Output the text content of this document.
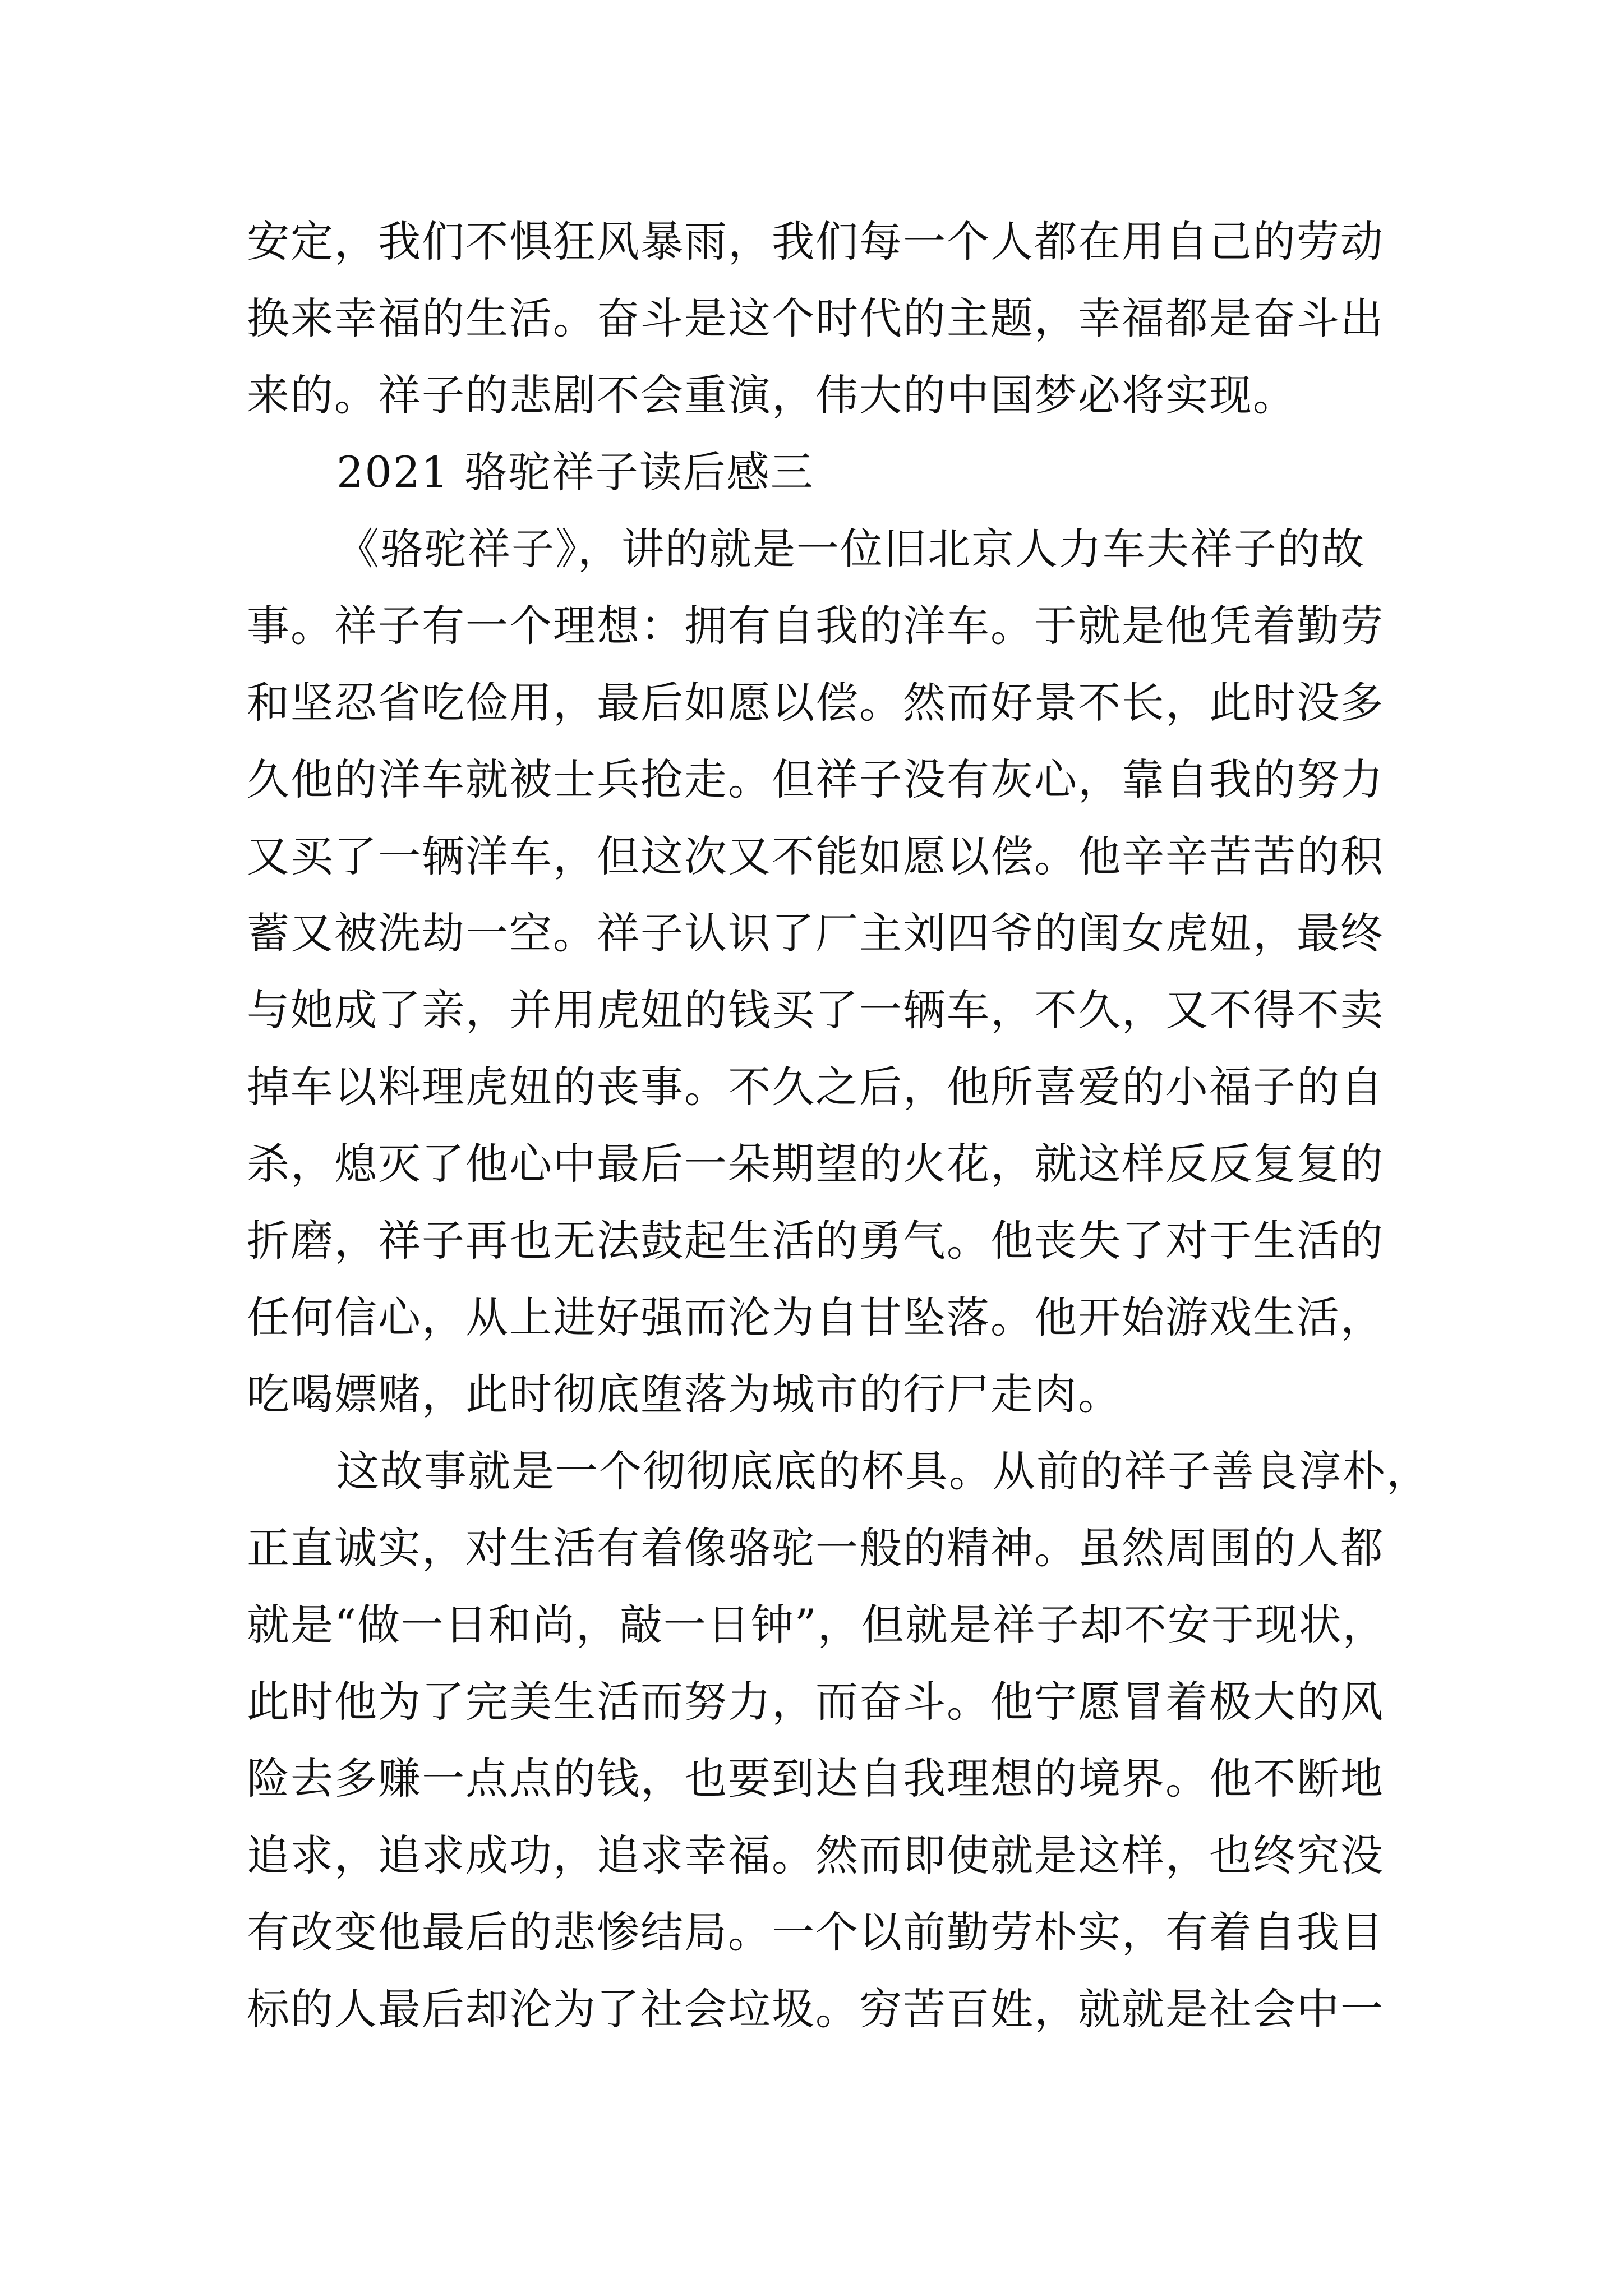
安定，我们不惧狂风暴雨，我们每一个人都在用自己的劳动
换来幸福的生活。奋斗是这个时代的主题，幸福都是奋斗出
来的。祥子的悲剧不会重演，伟大的中国梦必将实现。
2021 骆驼祥子读后感三
《骆驼祥子》，讲的就是一位旧北京人力车夫祥子的故
事。祥子有一个理想：拥有自我的洋车。于就是他凭着勤劳
和坚忍省吃俭用，最后如愿以偿。然而好景不长，此时没多
久他的洋车就被士兵抢走。但祥子没有灰心，靠自我的努力
又买了一辆洋车，但这次又不能如愿以偿。他辛辛苦苦的积
蓄又被洗劫一空。祥子认识了厂主刘四爷的闺女虎妞，最终
与她成了亲，并用虎妞的钱买了一辆车，不久，又不得不卖
掉车以料理虎妞的丧事。不久之后，他所喜爱的小福子的自
杀，熄灭了他心中最后一朵期望的火花，就这样反反复复的
折磨，祥子再也无法鼓起生活的勇气。他丧失了对于生活的
任何信心，从上进好强而沦为自甘坠落。他开始游戏生活，
吃喝嫖赌，此时彻底堕落为城市的行尸走肉。
这故事就是一个彻彻底底的杯具。从前的祥子善良淳朴，
正直诚实，对生活有着像骆驼一般的精神。虽然周围的人都
就是“做一日和尚，敲一日钟”，但就是祥子却不安于现状，
此时他为了完美生活而努力，而奋斗。他宁愿冒着极大的风
险去多赚一点点的钱，也要到达自我理想的境界。他不断地
追求，追求成功，追求幸福。然而即使就是这样，也终究没
有改变他最后的悲惨结局。一个以前勤劳朴实，有着自我目
标的人最后却沦为了社会垃圾。穷苦百姓，就就是社会中一
